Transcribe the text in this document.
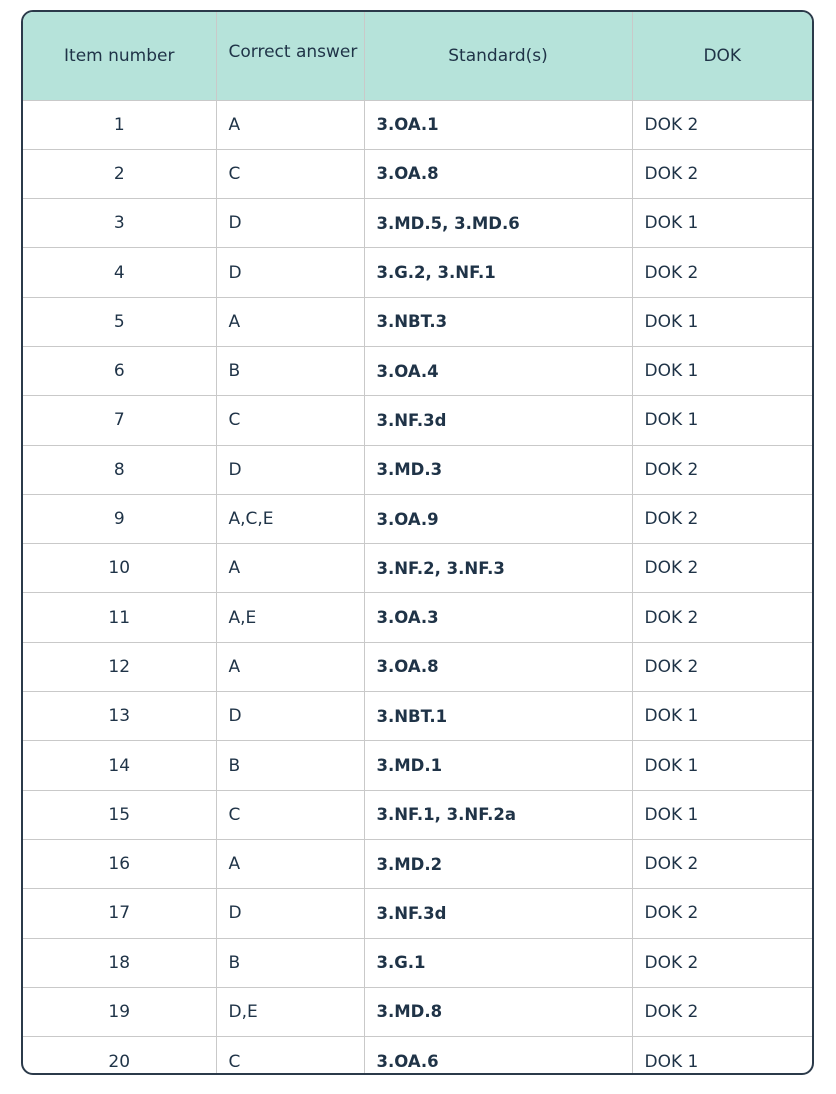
Item number	Correct answer	Standard(s)	DOK
1	A	3.OA.1	DOK 2
2	C	3.OA.8	DOK 2
3	D	3.MD.5, 3.MD.6	DOK 1
4	D	3.G.2, 3.NF.1	DOK 2
5	A	3.NBT.3	DOK 1
6	B	3.OA.4	DOK 1
7	C	3.NF.3d	DOK 1
8	D	3.MD.3	DOK 2
9	A,C,E	3.OA.9	DOK 2
10	A	3.NF.2, 3.NF.3	DOK 2
11	A,E	3.OA.3	DOK 2
12	A	3.OA.8	DOK 2
13	D	3.NBT.1	DOK 1
14	B	3.MD.1	DOK 1
15	C	3.NF.1, 3.NF.2a	DOK 1
16	A	3.MD.2	DOK 2
17	D	3.NF.3d	DOK 2
18	B	3.G.1	DOK 2
19	D,E	3.MD.8	DOK 2
20	C	3.OA.6	DOK 1
